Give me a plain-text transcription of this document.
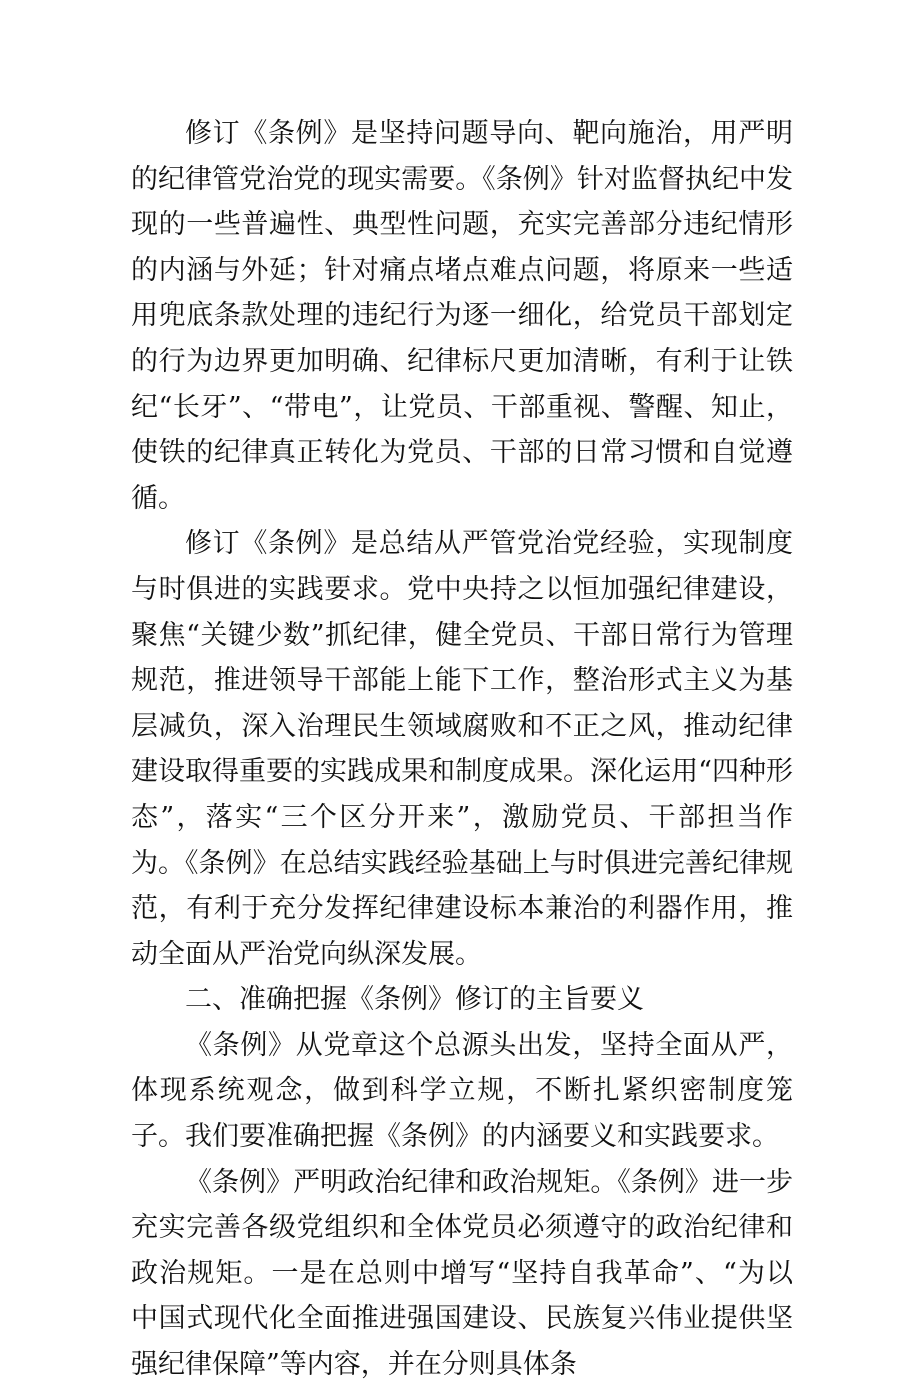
修订《条例》是坚持问题导向、靶向施治，用严明的纪律管党治党的现实需要。《条例》针对监督执纪中发现的一些普遍性、典型性问题，充实完善部分违纪情形的内涵与外延；针对痛点堵点难点问题，将原来一些适用兜底条款处理的违纪行为逐一细化，给党员干部划定的行为边界更加明确、纪律标尺更加清晰，有利于让铁纪“长牙”、“带电”，让党员、干部重视、警醒、知止，使铁的纪律真正转化为党员、干部的日常习惯和自觉遵循。

修订《条例》是总结从严管党治党经验，实现制度与时俱进的实践要求。党中央持之以恒加强纪律建设，聚焦“关键少数”抓纪律，健全党员、干部日常行为管理规范，推进领导干部能上能下工作，整治形式主义为基层减负，深入治理民生领域腐败和不正之风，推动纪律建设取得重要的实践成果和制度成果。深化运用“四种形态”，落实“三个区分开来”，激励党员、干部担当作为。《条例》在总结实践经验基础上与时俱进完善纪律规范，有利于充分发挥纪律建设标本兼治的利器作用，推动全面从严治党向纵深发展。

二、准确把握《条例》修订的主旨要义

《条例》从党章这个总源头出发，坚持全面从严，体现系统观念，做到科学立规，不断扎紧织密制度笼子。我们要准确把握《条例》的内涵要义和实践要求。

《条例》严明政治纪律和政治规矩。《条例》进一步充实完善各级党组织和全体党员必须遵守的政治纪律和政治规矩。一是在总则中增写“坚持自我革命”、“为以中国式现代化全面推进强国建设、民族复兴伟业提供坚强纪律保障”等内容，并在分则具体条
